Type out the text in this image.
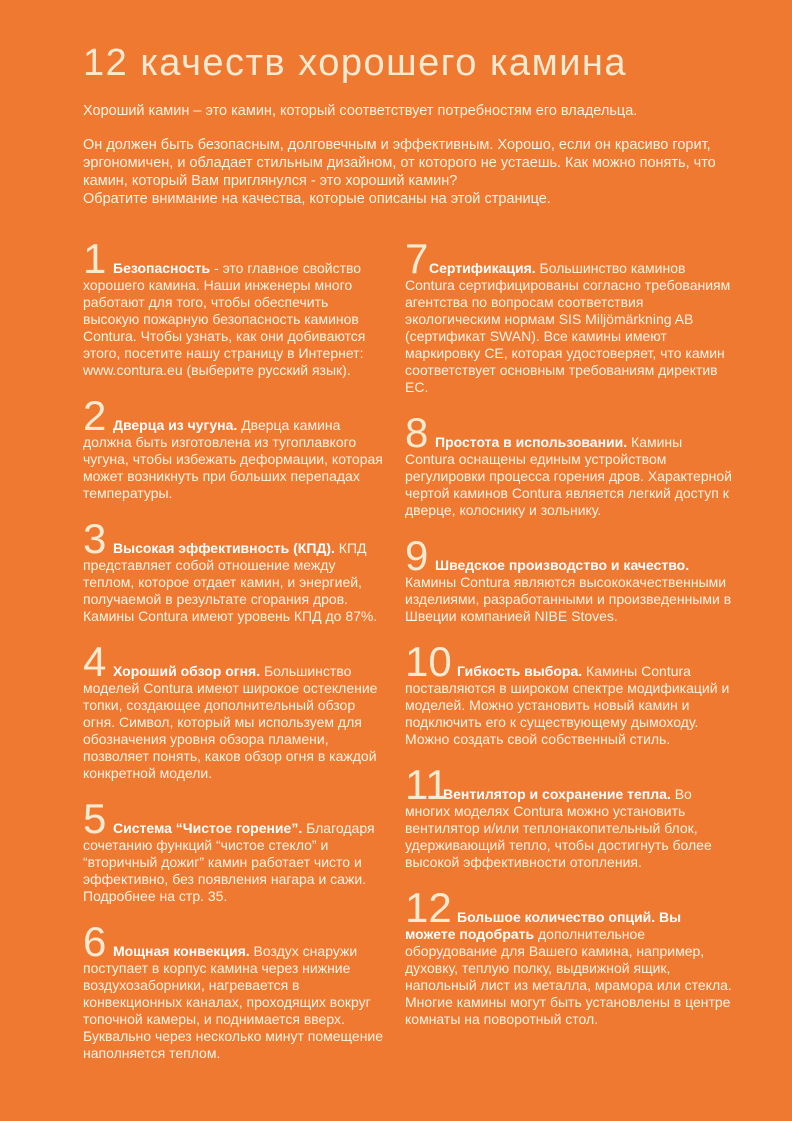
12 качеств хорошего камина

Хороший камин – это камин, который соответствует потребностям его владельца.

Он должен быть безопасным, долговечным и эффективным. Хорошо, если он красиво горит, эргономичен, и обладает стильным дизайном, от которого не устаешь. Как можно понять, что камин, который Вам приглянулся - это хороший камин?
Обратите внимание на качества, которые описаны на этой странице.

1 Безопасность - это главное свойство хорошего камина. Наши инженеры много работают для того, чтобы обеспечить высокую пожарную безопасность каминов Contura. Чтобы узнать, как они добиваются этого, посетите нашу страницу в Интернет: www.contura.eu (выберите русский язык).

2 Дверца из чугуна. Дверца камина должна быть изготовлена из тугоплавкого чугуна, чтобы избежать деформации, которая может возникнуть при больших перепадах температуры.

3 Высокая эффективность (КПД). КПД представляет собой отношение между теплом, которое отдает камин, и энергией, получаемой в результате сгорания дров. Камины Contura имеют уровень КПД до 87%.

4 Хороший обзор огня. Большинство моделей Contura имеют широкое остекление топки, создающее дополнительный обзор огня. Символ, который мы используем для обозначения уровня обзора пламени, позволяет понять, каков обзор огня в каждой конкретной модели.

5 Система “Чистое горение”. Благодаря сочетанию функций “чистое стекло” и “вторичный дожиг” камин работает чисто и эффективно, без появления нагара и сажи. Подробнее на стр. 35.

6 Мощная конвекция. Воздух снаружи поступает в корпус камина через нижние воздухозаборники, нагревается в конвекционных каналах, проходящих вокруг топочной камеры, и поднимается вверх. Буквально через несколько минут помещение наполняется теплом.

7 Сертификация. Большинство каминов Contura сертифицированы согласно требованиям агентства по вопросам соответствия экологическим нормам SIS Miljömärkning AB (сертификат SWAN). Все камины имеют маркировку CE, которая удостоверяет, что камин соответствует основным требованиям директив ЕС.

8 Простота в использовании. Камины Contura оснащены единым устройством регулировки процесса горения дров. Характерной чертой каминов Contura является легкий доступ к дверце, колоснику и зольнику.

9 Шведское производство и качество. Камины Contura являются высококачественными изделиями, разработанными и произведенными в Швеции компанией NIBE Stoves.

10 Гибкость выбора. Камины Contura поставляются в широком спектре модификаций и моделей. Можно установить новый камин и подключить его к существующему дымоходу. Можно создать свой собственный стиль.

11

Вентилятор и сохранение тепла. Во многих моделях Contura можно установить вентилятор и/или теплонакопительный блок, удерживающий тепло, чтобы достигнуть более высокой эффективности отопления.

12 Большое количество опций. Вы можете подобрать дополнительное оборудование для Вашего камина, например, духовку, теплую полку, выдвижной ящик, напольный лист из металла, мрамора или стекла. Многие камины могут быть установлены в центре комнаты на поворотный стол.
